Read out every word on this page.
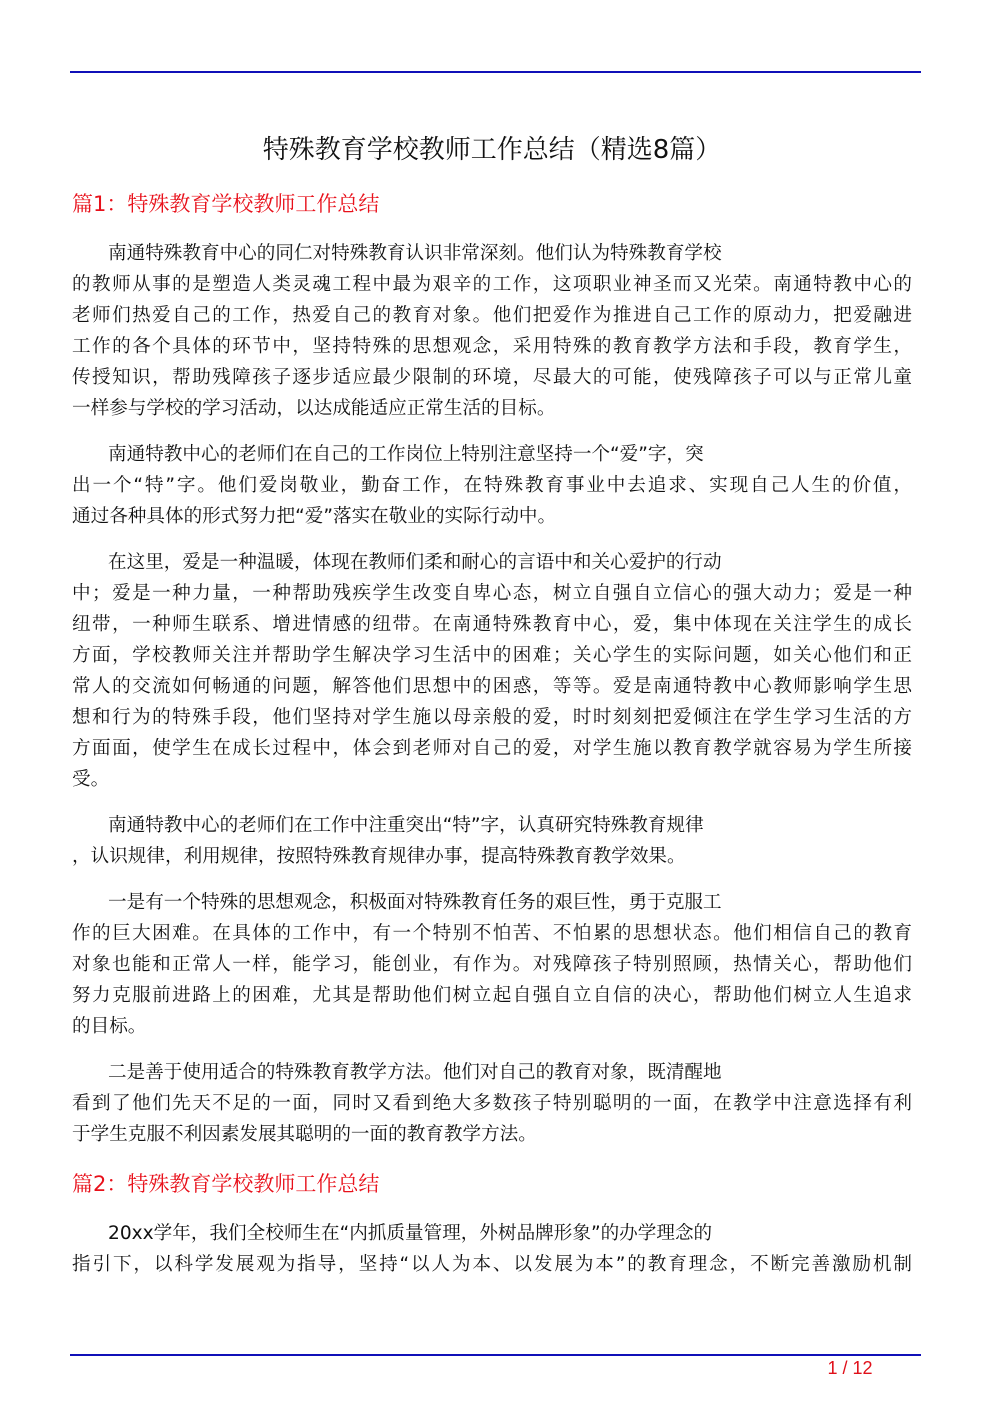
特殊教育学校教师工作总结（精选8篇）
篇1：特殊教育学校教师工作总结
南通特殊教育中心的同仁对特殊教育认识非常深刻。他们认为特殊教育学校
的教师从事的是塑造人类灵魂工程中最为艰辛的工作，这项职业神圣而又光荣。南通特教中心的
老师们热爱自己的工作，热爱自己的教育对象。他们把爱作为推进自己工作的原动力，把爱融进
工作的各个具体的环节中，坚持特殊的思想观念，采用特殊的教育教学方法和手段，教育学生，
传授知识，帮助残障孩子逐步适应最少限制的环境，尽最大的可能，使残障孩子可以与正常儿童
一样参与学校的学习活动，以达成能适应正常生活的目标。
南通特教中心的老师们在自己的工作岗位上特别注意坚持一个“爱”字，突
出一个“特”字。他们爱岗敬业，勤奋工作，在特殊教育事业中去追求、实现自己人生的价值，
通过各种具体的形式努力把“爱”落实在敬业的实际行动中。
在这里，爱是一种温暖，体现在教师们柔和耐心的言语中和关心爱护的行动
中；爱是一种力量，一种帮助残疾学生改变自卑心态，树立自强自立信心的强大动力；爱是一种
纽带，一种师生联系、增进情感的纽带。在南通特殊教育中心，爱，集中体现在关注学生的成长
方面，学校教师关注并帮助学生解决学习生活中的困难；关心学生的实际问题，如关心他们和正
常人的交流如何畅通的问题，解答他们思想中的困惑，等等。爱是南通特教中心教师影响学生思
想和行为的特殊手段，他们坚持对学生施以母亲般的爱，时时刻刻把爱倾注在学生学习生活的方
方面面，使学生在成长过程中，体会到老师对自己的爱，对学生施以教育教学就容易为学生所接
受。
南通特教中心的老师们在工作中注重突出“特”字，认真研究特殊教育规律
，认识规律，利用规律，按照特殊教育规律办事，提高特殊教育教学效果。
一是有一个特殊的思想观念，积极面对特殊教育任务的艰巨性，勇于克服工
作的巨大困难。在具体的工作中，有一个特别不怕苦、不怕累的思想状态。他们相信自己的教育
对象也能和正常人一样，能学习，能创业，有作为。对残障孩子特别照顾，热情关心，帮助他们
努力克服前进路上的困难，尤其是帮助他们树立起自强自立自信的决心，帮助他们树立人生追求
的目标。
二是善于使用适合的特殊教育教学方法。他们对自己的教育对象，既清醒地
看到了他们先天不足的一面，同时又看到绝大多数孩子特别聪明的一面，在教学中注意选择有利
于学生克服不利因素发展其聪明的一面的教育教学方法。
篇2：特殊教育学校教师工作总结
20xx学年，我们全校师生在“内抓质量管理，外树品牌形象”的办学理念的
指引下，以科学发展观为指导，坚持“以人为本、以发展为本”的教育理念，不断完善激励机制
1 / 12
